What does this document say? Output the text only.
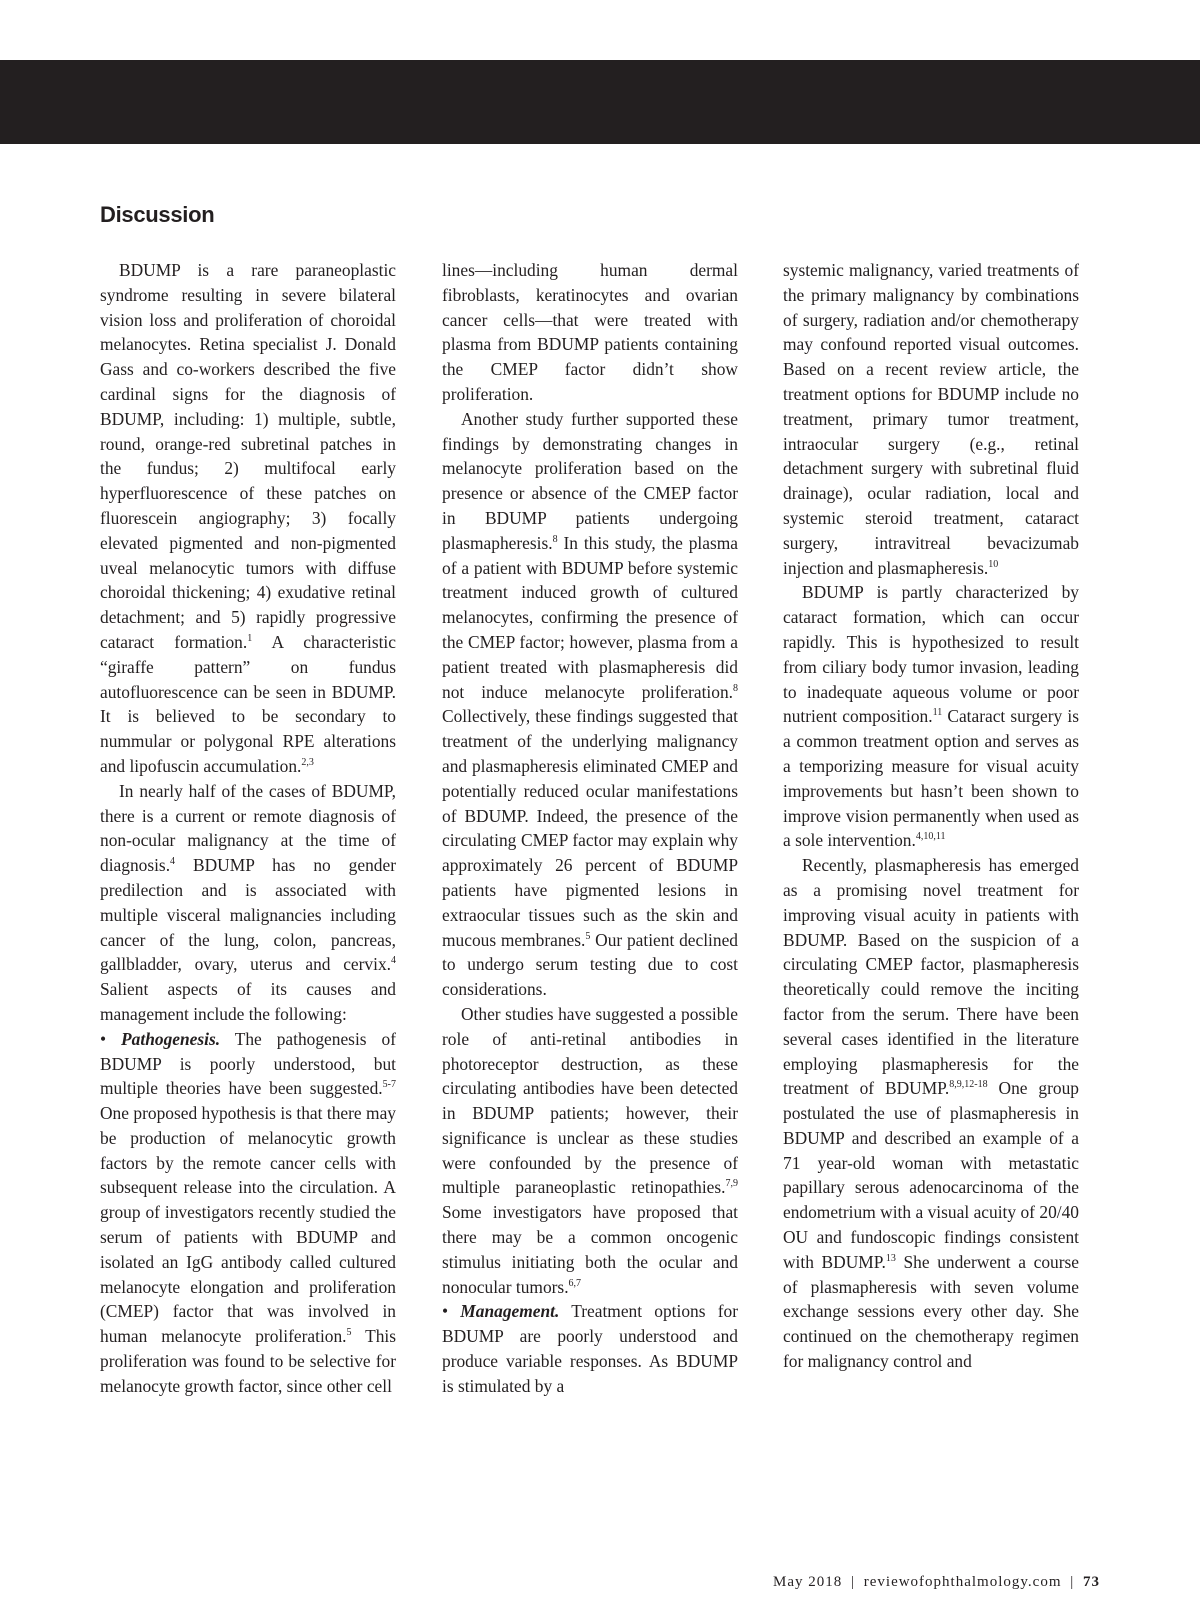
Discussion

BDUMP is a rare paraneoplastic syndrome resulting in severe bilateral vision loss and proliferation of choroidal melanocytes. Retina specialist J. Donald Gass and co-workers described the five cardinal signs for the diagnosis of BDUMP, including: 1) multiple, subtle, round, orange-red subretinal patches in the fundus; 2) multifocal early hyperfluorescence of these patches on fluorescein angiography; 3) focally elevated pigmented and non-pigmented uveal melanocytic tumors with diffuse choroidal thickening; 4) exudative retinal detachment; and 5) rapidly progressive cataract formation.$^1$ A characteristic “giraffe pattern” on fundus autofluorescence can be seen in BDUMP. It is believed to be secondary to nummular or polygonal RPE alterations and lipofuscin accumulation.$^{2,3}$

In nearly half of the cases of BDUMP, there is a current or remote diagnosis of non-ocular malignancy at the time of diagnosis.$^4$ BDUMP has no gender predilection and is associated with multiple visceral malignancies including cancer of the lung, colon, pancreas, gallbladder, ovary, uterus and cervix.$^4$ Salient aspects of its causes and management include the following:

• Pathogenesis. The pathogenesis of BDUMP is poorly understood, but multiple theories have been suggested.$^{5-7}$ One proposed hypothesis is that there may be production of melanocytic growth factors by the remote cancer cells with subsequent release into the circulation. A group of investigators recently studied the serum of patients with BDUMP and isolated an IgG antibody called cultured melanocyte elongation and proliferation (CMEP) factor that was involved in human melanocyte proliferation.$^5$ This proliferation was found to be selective for melanocyte growth factor, since other cell

lines—including human dermal fibroblasts, keratinocytes and ovarian cancer cells—that were treated with plasma from BDUMP patients containing the CMEP factor didn’t show proliferation.

Another study further supported these findings by demonstrating changes in melanocyte proliferation based on the presence or absence of the CMEP factor in BDUMP patients undergoing plasmapheresis.$^8$ In this study, the plasma of a patient with BDUMP before systemic treatment induced growth of cultured melanocytes, confirming the presence of the CMEP factor; however, plasma from a patient treated with plasmapheresis did not induce melanocyte proliferation.$^8$ Collectively, these findings suggested that treatment of the underlying malignancy and plasmapheresis eliminated CMEP and potentially reduced ocular manifestations of BDUMP. Indeed, the presence of the circulating CMEP factor may explain why approximately 26 percent of BDUMP patients have pigmented lesions in extraocular tissues such as the skin and mucous membranes.$^5$ Our patient declined to undergo serum testing due to cost considerations.

Other studies have suggested a possible role of anti-retinal antibodies in photoreceptor destruction, as these circulating antibodies have been detected in BDUMP patients; however, their significance is unclear as these studies were confounded by the presence of multiple paraneoplastic retinopathies.$^{7,9}$ Some investigators have proposed that there may be a common oncogenic stimulus initiating both the ocular and nonocular tumors.$^{6,7}$

• Management. Treatment options for BDUMP are poorly understood and produce variable responses. As BDUMP is stimulated by a

systemic malignancy, varied treatments of the primary malignancy by combinations of surgery, radiation and/or chemotherapy may confound reported visual outcomes. Based on a recent review article, the treatment options for BDUMP include no treatment, primary tumor treatment, intraocular surgery (e.g., retinal detachment surgery with subretinal fluid drainage), ocular radiation, local and systemic steroid treatment, cataract surgery, intravitreal bevacizumab injection and plasmapheresis.$^{10}$

BDUMP is partly characterized by cataract formation, which can occur rapidly. This is hypothesized to result from ciliary body tumor invasion, leading to inadequate aqueous volume or poor nutrient composition.$^{11}$ Cataract surgery is a common treatment option and serves as a temporizing measure for visual acuity improvements but hasn’t been shown to improve vision permanently when used as a sole intervention.$^{4,10,11}$

Recently, plasmapheresis has emerged as a promising novel treatment for improving visual acuity in patients with BDUMP. Based on the suspicion of a circulating CMEP factor, plasmapheresis theoretically could remove the inciting factor from the serum. There have been several cases identified in the literature employing plasmapheresis for the treatment of BDUMP.$^{8,9,12-18}$ One group postulated the use of plasmapheresis in BDUMP and described an example of a 71 year-old woman with metastatic papillary serous adenocarcinoma of the endometrium with a visual acuity of 20/40 OU and fundoscopic findings consistent with BDUMP.$^{13}$ She underwent a course of plasmapheresis with seven volume exchange sessions every other day. She continued on the chemotherapy regimen for malignancy control and

May 2018 | reviewofophthalmology.com | 73
